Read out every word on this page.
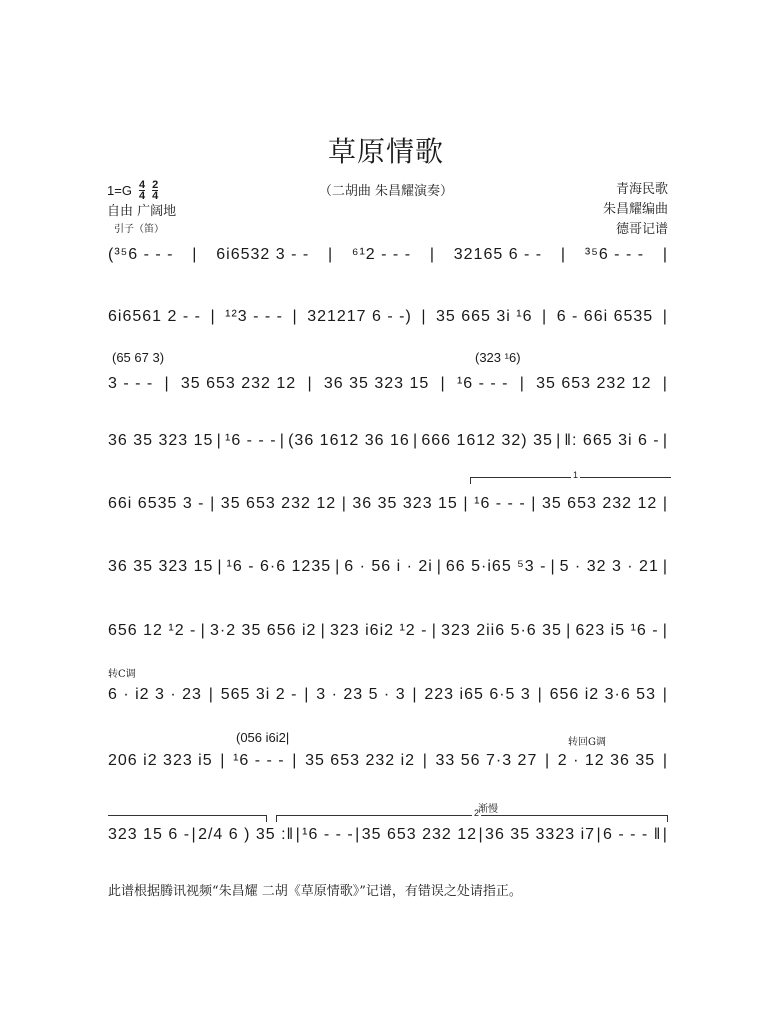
草原情歌
（二胡曲 朱昌耀演奏）
$1=G \frac{4}{4} \frac{2}{4}$
自由 广阔地
引子（笛）
青海民歌
朱昌耀编曲
德哥记谱
(³⁵6 - - - | 6i6532 3 - - | ⁶¹2 - - - | 32165 6 - - | ³⁵6 - - - |
6i6561 2 - - | ¹²3 - - - | 321217 6 - -) | 35 665 3i ¹6 | 6 - 66i 6535 |
3 - - - | 35 653 232 12 | 36 35 323 15 | ¹6 - - - | 35 653 232 12 |
36 35 323 15 | ¹6 - - - | (36 1612 36 16 | 666 1612 32) 35 | ‖: 665 3i 6 - |
66i 6535 3 - | 35 653 232 12 | 36 35 323 15 | ¹6 - - - | 35 653 232 12 |
36 35 323 15 | ¹6 - 6·6 1235 | 6 · 56 i · 2i | 66 5·i65 ⁵3 - | 5 · 32 3 · 21 |
656 12 ¹2 - | 3·2 35 656 i2 | 323 i6i2 ¹2 - | 323 2ii6 5·6 35 | 623 i5 ¹6 - |
6 · i2 3 · 23 | 565 3i 2 - | 3 · 23 5 · 3 | 223 i65 6·5 3 | 656 i2 3·6 53 |
206 i2 323 i5 | ¹6 - - - | 35 653 232 i2 | 33 56 7·3 27 | 2 · 12 36 35 |
323 15 6 - | 2/4 6 ) 35 :‖ | ¹6 - - - | 35 653 232 12 | 36 35 3323 i7 | 6 - - - ‖ |
(65 67 3)	(323 ¹6)
转C调
(056 i6i2|	转回G调
1
2
渐慢
此谱根据腾讯视频“朱昌耀 二胡《草原情歌》”记谱，有错误之处请指正。
